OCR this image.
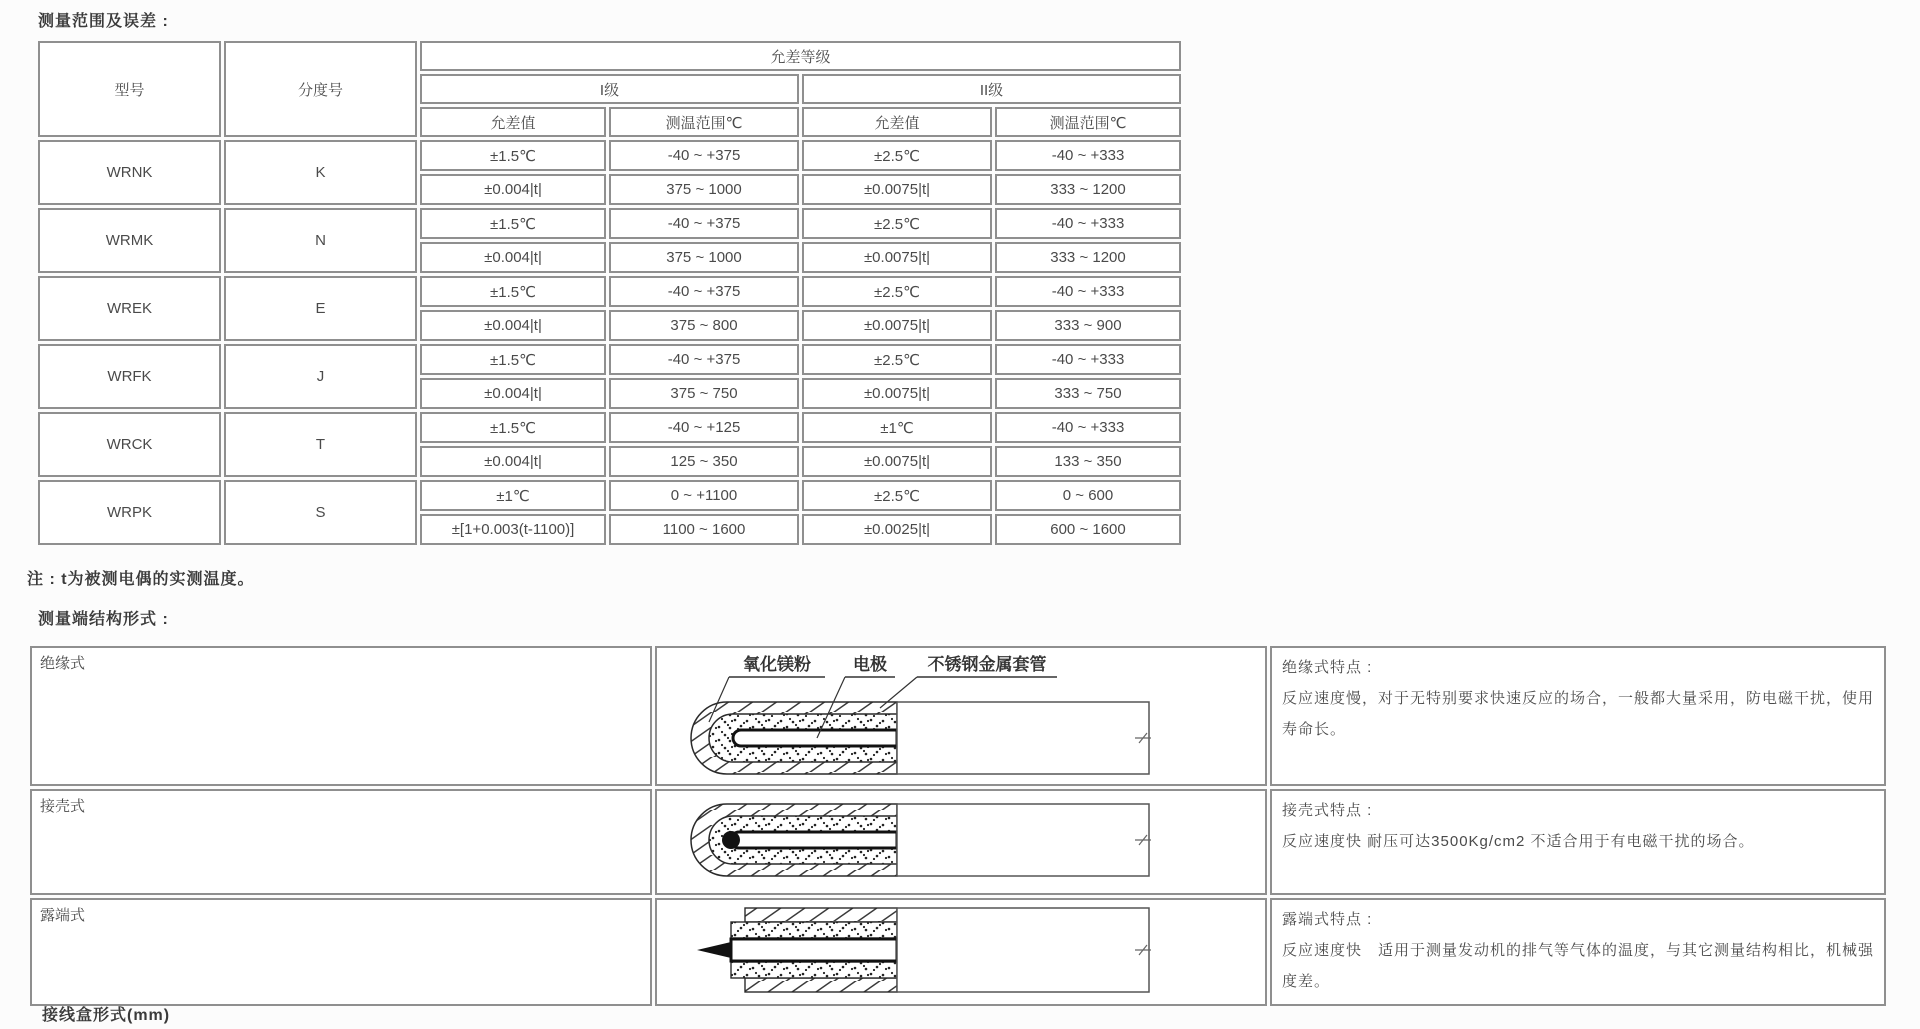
测量范围及误差 :
型号	分度号	允差等级			
		I级		II级	
		允差值	测温范围℃	允差值	测温范围℃
WRNK	K	±1.5℃	-40 ~ +375	±2.5℃	-40 ~ +333
		±0.004|t|	375 ~ 1000	±0.0075|t|	333 ~ 1200
WRMK	N	±1.5℃	-40 ~ +375	±2.5℃	-40 ~ +333
		±0.004|t|	375 ~ 1000	±0.0075|t|	333 ~ 1200
WREK	E	±1.5℃	-40 ~ +375	±2.5℃	-40 ~ +333
		±0.004|t|	375 ~ 800	±0.0075|t|	333 ~ 900
WRFK	J	±1.5℃	-40 ~ +375	±2.5℃	-40 ~ +333
		±0.004|t|	375 ~ 750	±0.0075|t|	333 ~ 750
WRCK	T	±1.5℃	-40 ~ +125	±1℃	-40 ~ +333
		±0.004|t|	125 ~ 350	±0.0075|t|	133 ~ 350
WRPK	S	±1℃	0 ~ +1100	±2.5℃	0 ~ 600
		±[1+0.003(t-1100)]	1100 ~ 1600	±0.0025|t|	600 ~ 1600
注 : t为被测电偶的实测温度。
测量端结构形式 :
绝缘式	氧化镁粉 电极 不锈钢金属套管	绝缘式特点 :
反应速度慢，对于无特别要求快速反应的场合，一般都大量采用，防电磁干扰，使用寿命长。

接壳式		接壳式特点 :
反应速度快 耐压可达3500Kg/cm2 不适合用于有电磁干扰的场合。

露端式		露端式特点 :
反应速度快　适用于测量发动机的排气等气体的温度，与其它测量结构相比，机械强度差。
接线盒形式(mm)
